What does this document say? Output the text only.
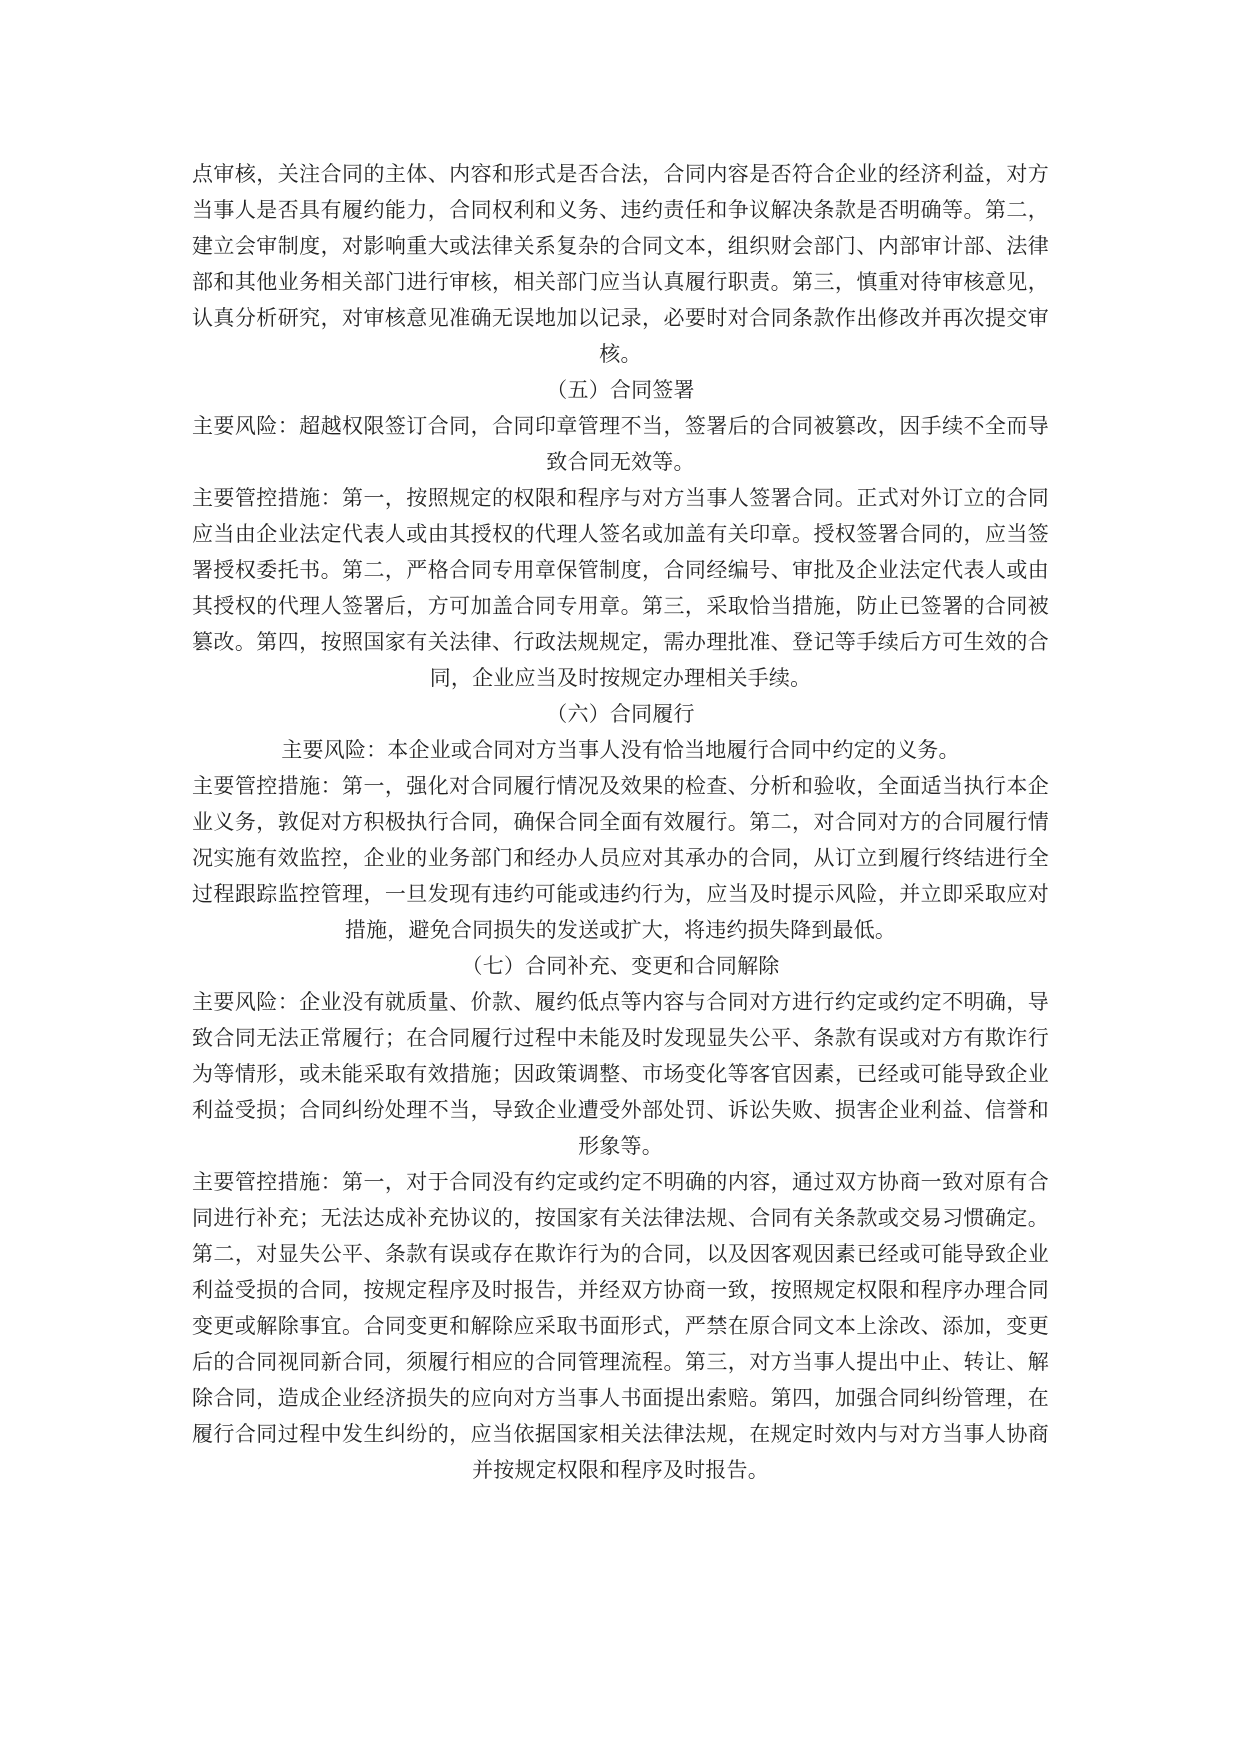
点审核，关注合同的主体、内容和形式是否合法，合同内容是否符合企业的经济利益，对方当事人是否具有履约能力，合同权利和义务、违约责任和争议解决条款是否明确等。第二，建立会审制度，对影响重大或法律关系复杂的合同文本，组织财会部门、内部审计部、法律部和其他业务相关部门进行审核，相关部门应当认真履行职责。第三，慎重对待审核意见，认真分析研究，对审核意见准确无误地加以记录，必要时对合同条款作出修改并再次提交审核。

（五）合同签署

主要风险：超越权限签订合同，合同印章管理不当，签署后的合同被篡改，因手续不全而导致合同无效等。

主要管控措施：第一，按照规定的权限和程序与对方当事人签署合同。正式对外订立的合同应当由企业法定代表人或由其授权的代理人签名或加盖有关印章。授权签署合同的，应当签署授权委托书。第二，严格合同专用章保管制度，合同经编号、审批及企业法定代表人或由其授权的代理人签署后，方可加盖合同专用章。第三，采取恰当措施，防止已签署的合同被篡改。第四，按照国家有关法律、行政法规规定，需办理批准、登记等手续后方可生效的合同，企业应当及时按规定办理相关手续。

（六）合同履行

主要风险：本企业或合同对方当事人没有恰当地履行合同中约定的义务。

主要管控措施：第一，强化对合同履行情况及效果的检查、分析和验收，全面适当执行本企业义务，敦促对方积极执行合同，确保合同全面有效履行。第二，对合同对方的合同履行情况实施有效监控，企业的业务部门和经办人员应对其承办的合同，从订立到履行终结进行全过程跟踪监控管理，一旦发现有违约可能或违约行为，应当及时提示风险，并立即采取应对措施，避免合同损失的发送或扩大，将违约损失降到最低。

（七）合同补充、变更和合同解除

主要风险：企业没有就质量、价款、履约低点等内容与合同对方进行约定或约定不明确，导致合同无法正常履行；在合同履行过程中未能及时发现显失公平、条款有误或对方有欺诈行为等情形，或未能采取有效措施；因政策调整、市场变化等客官因素，已经或可能导致企业利益受损；合同纠纷处理不当，导致企业遭受外部处罚、诉讼失败、损害企业利益、信誉和形象等。

主要管控措施：第一，对于合同没有约定或约定不明确的内容，通过双方协商一致对原有合同进行补充；无法达成补充协议的，按国家有关法律法规、合同有关条款或交易习惯确定。第二，对显失公平、条款有误或存在欺诈行为的合同，以及因客观因素已经或可能导致企业利益受损的合同，按规定程序及时报告，并经双方协商一致，按照规定权限和程序办理合同变更或解除事宜。合同变更和解除应采取书面形式，严禁在原合同文本上涂改、添加，变更后的合同视同新合同，须履行相应的合同管理流程。第三，对方当事人提出中止、转让、解除合同，造成企业经济损失的应向对方当事人书面提出索赔。第四，加强合同纠纷管理，在履行合同过程中发生纠纷的，应当依据国家相关法律法规，在规定时效内与对方当事人协商并按规定权限和程序及时报告。
